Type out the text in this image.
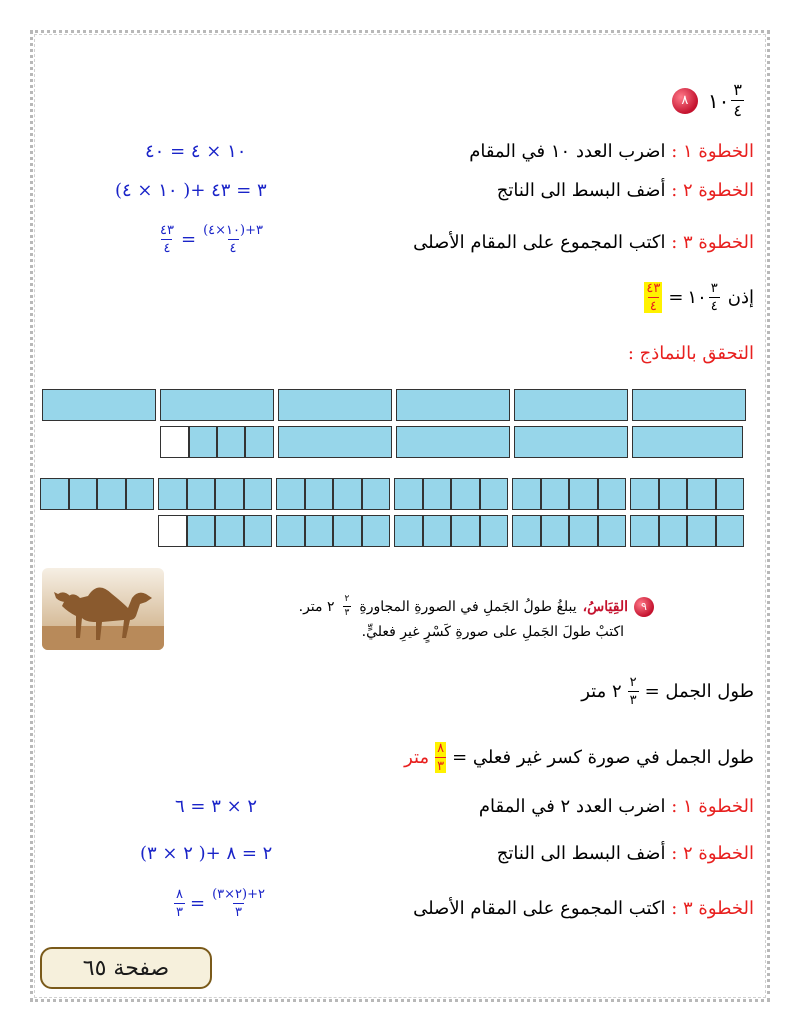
٨ ١٠ $\frac{٣}{٤}$
الخطوة ١ : اضرب العدد ١٠ في المقام
١٠ × ٤ = ٤٠
الخطوة ٢ : أضف البسط الى الناتج
(١٠ × ٤ )+ ٣ = ٤٣
الخطوة ٣ : اكتب المجموع على المقام الأصلى
$\frac{٤٣}{٤} = \frac{(١٠\times ٤)+٣}{٤}$
إذن
$\frac{٤٣}{٤}$ = ١٠ $\frac{٣}{٤}$
التحقق بالنماذج :
٩
القِيَاسُ،
يبلغُ طولُ الجَملِ في الصورةِ المجاورةِ
$\frac{٢}{٣}$
٢ متر.
اكتبْ طولَ الجَملِ على صورةِ كَسْرٍ غيرِ فعليٍّ.
طول الجمل =
$\frac{٢}{٣}$
٢ متر
طول الجمل في صورة كسر غير فعلي =
$\frac{٨}{٣}$
متر
الخطوة ١ : اضرب العدد ٢ في المقام
٢ × ٣ = ٦
الخطوة ٢ : أضف البسط الى الناتج
(٢ × ٣ )+ ٢ = ٨
الخطوة ٣ : اكتب المجموع على المقام الأصلى
$\frac{٨}{٣} = \frac{(٢\times ٣)+٢}{٣}$
صفحة ٦٥
